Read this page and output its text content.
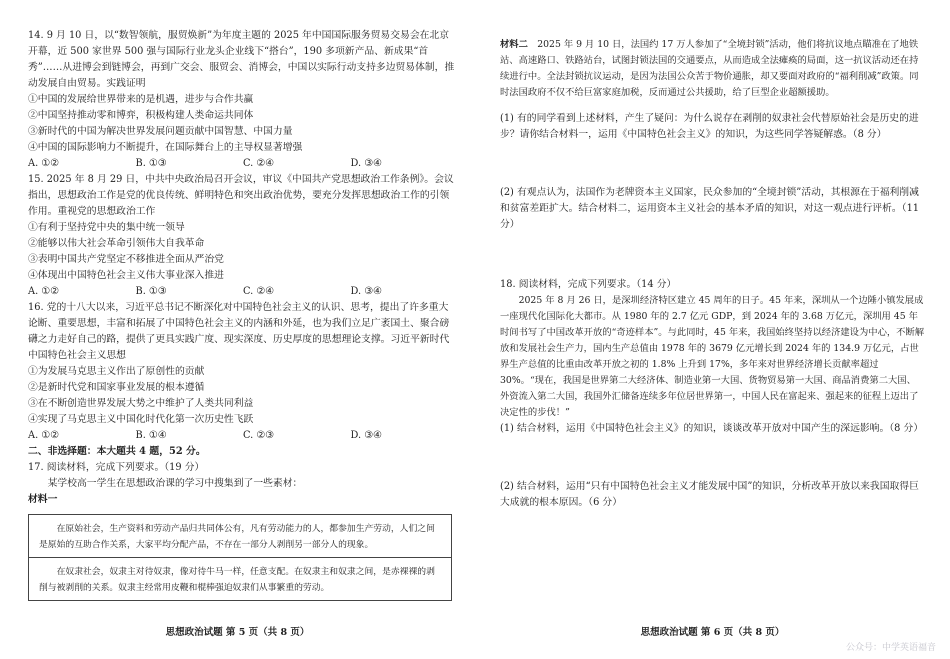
14. 9 月 10 日，以“数智领航，服贸焕新”为年度主题的 2025 年中国国际服务贸易交易会在北京开幕，近 500 家世界 500 强与国际行业龙头企业线下“搭台”，190 多项新产品、新成果“首秀”……从进博会到链博会，再到广交会、服贸会、消博会，中国以实际行动支持多边贸易体制，推动发展自由贸易。实践证明

①中国的发展给世界带来的是机遇，进步与合作共赢

②中国坚持推动零和博弈，积极构建人类命运共同体

③新时代的中国为解决世界发展问题贡献中国智慧、中国力量

④中国的国际影响力不断提升，在国际舞台上的主导权显著增强

A. ①②	B. ①③	C. ②④	D. ③④

15. 2025 年 8 月 29 日，中共中央政治局召开会议，审议《中国共产党思想政治工作条例》。会议指出，思想政治工作是党的优良传统、鲜明特色和突出政治优势，要充分发挥思想政治工作的引领作用。重视党的思想政治工作

①有利于坚持党中央的集中统一领导

②能够以伟大社会革命引领伟大自我革命

③表明中国共产党坚定不移推进全面从严治党

④体现出中国特色社会主义伟大事业深入推进

A. ①②	B. ①③	C. ②④	D. ③④

16. 党的十八大以来，习近平总书记不断深化对中国特色社会主义的认识、思考，提出了许多重大论断、重要思想，丰富和拓展了中国特色社会主义的内涵和外延，也为我们立足广袤国土、聚合磅礴之力走好自己的路，提供了更具实践广度、现实深度、历史厚度的思想理论支撑。习近平新时代中国特色社会主义思想

①为发展马克思主义作出了原创性的贡献

②是新时代党和国家事业发展的根本遵循

③在不断创造世界发展大势之中维护了人类共同利益

④实现了马克思主义中国化时代化第一次历史性飞跃

A. ①②	B. ①④	C. ②③	D. ③④

二、非选择题：本大题共 4 题，52 分。

17. 阅读材料，完成下列要求。（19 分）

某学校高一学生在思想政治课的学习中搜集到了一些素材：

材料一

在原始社会，生产资料和劳动产品归共同体公有，凡有劳动能力的人，都参加生产劳动，人们之间是原始的互助合作关系，大家平均分配产品，不存在一部分人剥削另一部分人的现象。
在奴隶社会，奴隶主对待奴隶，像对待牛马一样，任意支配。在奴隶主和奴隶之间，是赤裸裸的剥削与被剥削的关系。奴隶主经常用皮鞭和棍棒强迫奴隶们从事繁重的劳动。
思想政治试题 第 5 页（共 8 页）

材料二  2025 年 9 月 10 日，法国约 17 万人参加了“全境封锁”活动，他们将抗议地点瞄准在了地铁站、高速路口、铁路站台，试图封锁法国的交通要点，从而造成全法瘫痪的局面，这一抗议活动还在持续进行中。全法封锁抗议运动，是因为法国公众苦于物价通胀，却又要面对政府的“福利削减”政策。同时法国政府不仅不给巨富家庭加税，反而通过公共援助，给了巨型企业超额援助。

(1) 有的同学看到上述材料，产生了疑问：为什么说存在剥削的奴隶社会代替原始社会是历史的进步？请你结合材料一，运用《中国特色社会主义》的知识，为这些同学答疑解惑。（8 分）

(2) 有观点认为，法国作为老牌资本主义国家，民众参加的“全境封锁”活动，其根源在于福利削减和贫富差距扩大。结合材料二，运用资本主义社会的基本矛盾的知识，对这一观点进行评析。（11 分）

18. 阅读材料，完成下列要求。（14 分）

2025 年 8 月 26 日，是深圳经济特区建立 45 周年的日子。45 年来，深圳从一个边陲小镇发展成一座现代化国际化大都市。从 1980 年的 2.7 亿元 GDP，到 2024 年的 3.68 万亿元，深圳用 45 年时间书写了中国改革开放的“奇迹样本”。与此同时，45 年来，我国始终坚持以经济建设为中心，不断解放和发展社会生产力，国内生产总值由 1978 年的 3679 亿元增长到 2024 年的 134.9 万亿元，占世界生产总值的比重由改革开放之初的 1.8% 上升到 17%，多年来对世界经济增长贡献率超过 30%。“现在，我国是世界第二大经济体、制造业第一大国、货物贸易第一大国、商品消费第二大国、外资流入第二大国，我国外汇储备连续多年位居世界第一，中国人民在富起来、强起来的征程上迈出了决定性的步伐！”

(1) 结合材料，运用《中国特色社会主义》的知识，谈谈改革开放对中国产生的深远影响。（8 分）

(2) 结合材料，运用“只有中国特色社会主义才能发展中国”的知识，分析改革开放以来我国取得巨大成就的根本原因。（6 分）

思想政治试题 第 6 页（共 8 页）
公众号：中学英语福音
